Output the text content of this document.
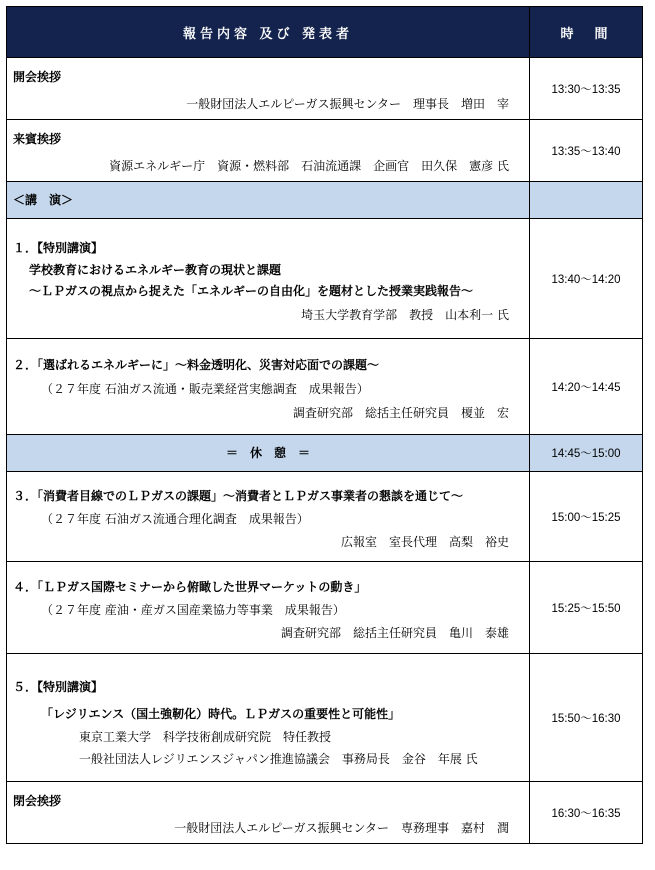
報告内容 及び 発表者	時　間

開会挨拶
一般財団法人エルピーガス振興センター　理事長　増田　宰	13:30～13:35

来賓挨拶
資源エネルギー庁　資源・燃料部　石油流通課　企画官　田久保　憲彦 氏	13:35～13:40
＜講　演＞	

１．【特別講演】
学校教育におけるエネルギー教育の現状と課題
～ＬＰガスの視点から捉えた「エネルギーの自由化」を題材とした授業実践報告～
埼玉大学教育学部　教授　山本利一 氏	13:40～14:20

２．「選ばれるエネルギーに」～料金透明化、災害対応面での課題～
（２７年度 石油ガス流通・販売業経営実態調査　成果報告）
調査研究部　総括主任研究員　榎並　宏	14:20～14:45
＝　休　憩　＝	14:45～15:00

３．「消費者目線でのＬＰガスの課題」～消費者とＬＰガス事業者の懇談を通じて～
（２７年度 石油ガス流通合理化調査　成果報告）
広報室　室長代理　高梨　裕史	15:00～15:25

４．「ＬＰガス国際セミナーから俯瞰した世界マーケットの動き」
（２７年度 産油・産ガス国産業協力等事業　成果報告）
調査研究部　総括主任研究員　亀川　泰雄	15:25～15:50

５．【特別講演】
「レジリエンス（国土強靭化）時代。ＬＰガスの重要性と可能性」
東京工業大学　科学技術創成研究院　特任教授
一般社団法人レジリエンスジャパン推進協議会　事務局長　金谷　年展 氏	15:50～16:30

閉会挨拶
一般財団法人エルピーガス振興センター　専務理事　嘉村　潤	16:30～16:35
